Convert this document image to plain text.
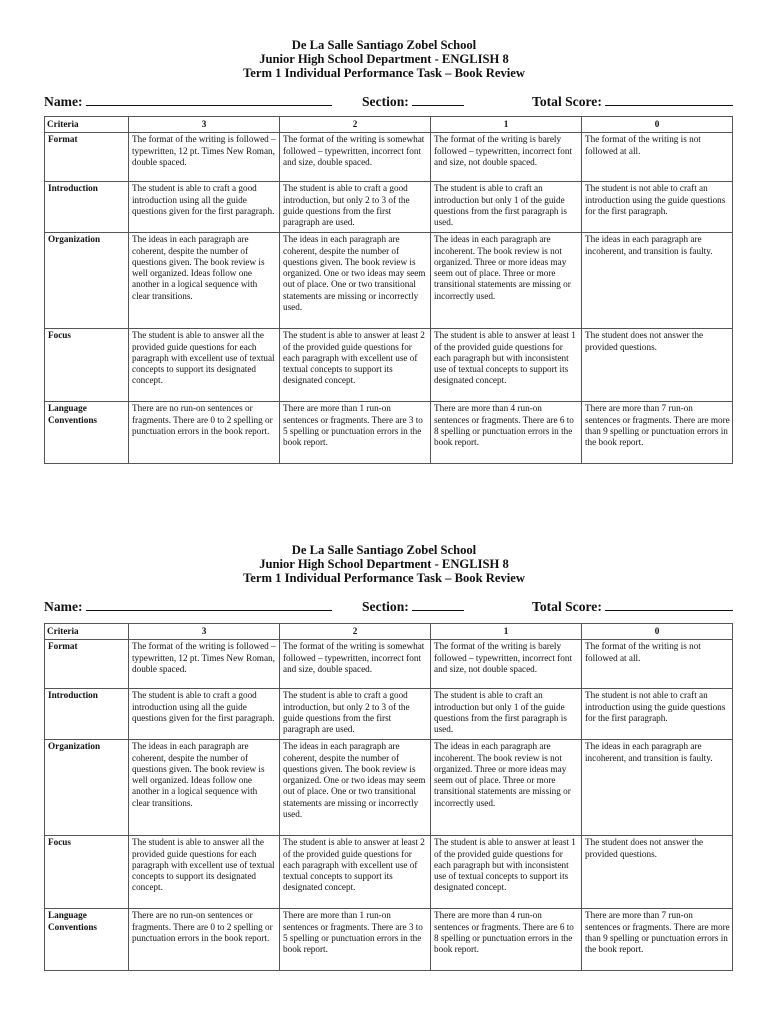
De La Salle Santiago Zobel School
Junior High School Department - ENGLISH 8
Term 1 Individual Performance Task – Book Review
Name:	Section:	Total Score:
Criteria	3	2	1	0
Format	The format of the writing is followed – typewritten, 12 pt. Times New Roman, double spaced.	The format of the writing is somewhat followed – typewritten, incorrect font and size, double spaced.	The format of the writing is barely followed – typewritten, incorrect font and size, not double spaced.	The format of the writing is not followed at all.
Introduction	The student is able to craft a good introduction using all the guide questions given for the first paragraph.	The student is able to craft a good introduction, but only 2 to 3 of the guide questions from the first paragraph are used.	The student is able to craft an introduction but only 1 of the guide questions from the first paragraph is used.	The student is not able to craft an introduction using the guide questions for the first paragraph.
Organization	The ideas in each paragraph are coherent, despite the number of questions given. The book review is well organized. Ideas follow one another in a logical sequence with clear transitions.	The ideas in each paragraph are coherent, despite the number of questions given. The book review is organized. One or two ideas may seem out of place. One or two transitional statements are missing or incorrectly used.	The ideas in each paragraph are incoherent. The book review is not organized. Three or more ideas may seem out of place. Three or more transitional statements are missing or incorrectly used.	The ideas in each paragraph are incoherent, and transition is faulty.
Focus	The student is able to answer all the provided guide questions for each paragraph with excellent use of textual concepts to support its designated concept.	The student is able to answer at least 2 of the provided guide questions for each paragraph with excellent use of textual concepts to support its designated concept.	The student is able to answer at least 1 of the provided guide questions for each paragraph but with inconsistent use of textual concepts to support its designated concept.	The student does not answer the provided questions.
Language Conventions	There are no run-on sentences or fragments. There are 0 to 2 spelling or punctuation errors in the book report.	There are more than 1 run-on sentences or fragments. There are 3 to 5 spelling or punctuation errors in the book report.	There are more than 4 run-on sentences or fragments. There are 6 to 8 spelling or punctuation errors in the book report.	There are more than 7 run-on sentences or fragments. There are more than 9 spelling or punctuation errors in the book report.
De La Salle Santiago Zobel School
Junior High School Department - ENGLISH 8
Term 1 Individual Performance Task – Book Review
Name:	Section:	Total Score:
Criteria	3	2	1	0
Format	The format of the writing is followed – typewritten, 12 pt. Times New Roman, double spaced.	The format of the writing is somewhat followed – typewritten, incorrect font and size, double spaced.	The format of the writing is barely followed – typewritten, incorrect font and size, not double spaced.	The format of the writing is not followed at all.
Introduction	The student is able to craft a good introduction using all the guide questions given for the first paragraph.	The student is able to craft a good introduction, but only 2 to 3 of the guide questions from the first paragraph are used.	The student is able to craft an introduction but only 1 of the guide questions from the first paragraph is used.	The student is not able to craft an introduction using the guide questions for the first paragraph.
Organization	The ideas in each paragraph are coherent, despite the number of questions given. The book review is well organized. Ideas follow one another in a logical sequence with clear transitions.	The ideas in each paragraph are coherent, despite the number of questions given. The book review is organized. One or two ideas may seem out of place. One or two transitional statements are missing or incorrectly used.	The ideas in each paragraph are incoherent. The book review is not organized. Three or more ideas may seem out of place. Three or more transitional statements are missing or incorrectly used.	The ideas in each paragraph are incoherent, and transition is faulty.
Focus	The student is able to answer all the provided guide questions for each paragraph with excellent use of textual concepts to support its designated concept.	The student is able to answer at least 2 of the provided guide questions for each paragraph with excellent use of textual concepts to support its designated concept.	The student is able to answer at least 1 of the provided guide questions for each paragraph but with inconsistent use of textual concepts to support its designated concept.	The student does not answer the provided questions.
Language Conventions	There are no run-on sentences or fragments. There are 0 to 2 spelling or punctuation errors in the book report.	There are more than 1 run-on sentences or fragments. There are 3 to 5 spelling or punctuation errors in the book report.	There are more than 4 run-on sentences or fragments. There are 6 to 8 spelling or punctuation errors in the book report.	There are more than 7 run-on sentences or fragments. There are more than 9 spelling or punctuation errors in the book report.
